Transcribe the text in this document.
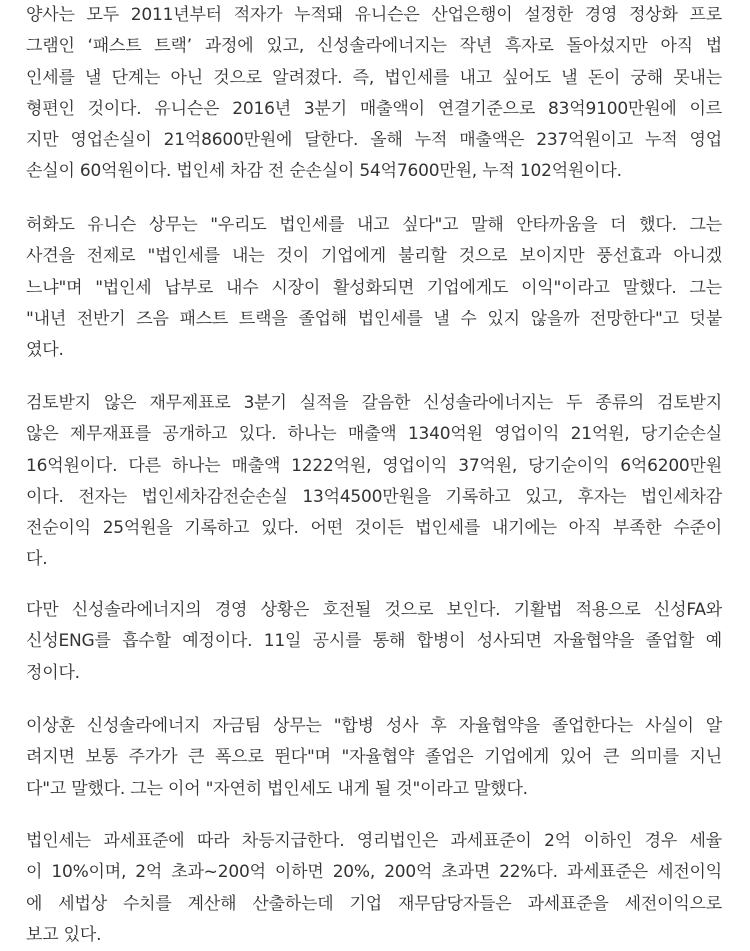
양사는 모두 2011년부터 적자가 누적돼 유니슨은 산업은행이 설정한 경영 정상화 프로
그램인 ‘패스트 트랙’ 과정에 있고, 신성솔라에너지는 작년 흑자로 돌아섰지만 아직 법
인세를 낼 단계는 아닌 것으로 알려졌다. 즉, 법인세를 내고 싶어도 낼 돈이 궁해 못내는
형편인 것이다. 유니슨은 2016년 3분기 매출액이 연결기준으로 83억9100만원에 이르
지만 영업손실이 21억8600만원에 달한다. 올해 누적 매출액은 237억원이고 누적 영업
손실이 60억원이다. 법인세 차감 전 순손실이 54억7600만원, 누적 102억원이다.
허화도 유니슨 상무는 "우리도 법인세를 내고 싶다"고 말해 안타까움을 더 했다. 그는
사견을 전제로 "법인세를 내는 것이 기업에게 불리할 것으로 보이지만 풍선효과 아니겠
느냐"며 "법인세 납부로 내수 시장이 활성화되면 기업에게도 이익"이라고 말했다. 그는
"내년 전반기 즈음 패스트 트랙을 졸업해 법인세를 낼 수 있지 않을까 전망한다"고 덧붙
였다.
검토받지 않은 재무제표로 3분기 실적을 갈음한 신성솔라에너지는 두 종류의 검토받지
않은 제무재표를 공개하고 있다. 하나는 매출액 1340억원 영업이익 21억원, 당기순손실
16억원이다. 다른 하나는 매출액 1222억원, 영업이익 37억원, 당기순이익 6억6200만원
이다. 전자는 법인세차감전순손실 13억4500만원을 기록하고 있고, 후자는 법인세차감
전순이익 25억원을 기록하고 있다. 어떤 것이든 법인세를 내기에는 아직 부족한 수준이
다.
다만 신성솔라에너지의 경영 상황은 호전될 것으로 보인다. 기활법 적용으로 신성FA와
신성ENG를 흡수할 예정이다. 11일 공시를 통해 합병이 성사되면 자율협약을 졸업할 예
정이다.
이상훈 신성솔라에너지 자금팀 상무는 "합병 성사 후 자율협약을 졸업한다는 사실이 알
려지면 보통 주가가 큰 폭으로 뛴다"며 "자율협약 졸업은 기업에게 있어 큰 의미를 지닌
다"고 말했다. 그는 이어 "자연히 법인세도 내게 될 것"이라고 말했다.
법인세는 과세표준에 따라 차등지급한다. 영리법인은 과세표준이 2억 이하인 경우 세율
이 10%이며, 2억 초과~200억 이하면 20%, 200억 초과면 22%다. 과세표준은 세전이익
에 세법상 수치를 계산해 산출하는데 기업 재무담당자들은 과세표준을 세전이익으로
보고 있다.
